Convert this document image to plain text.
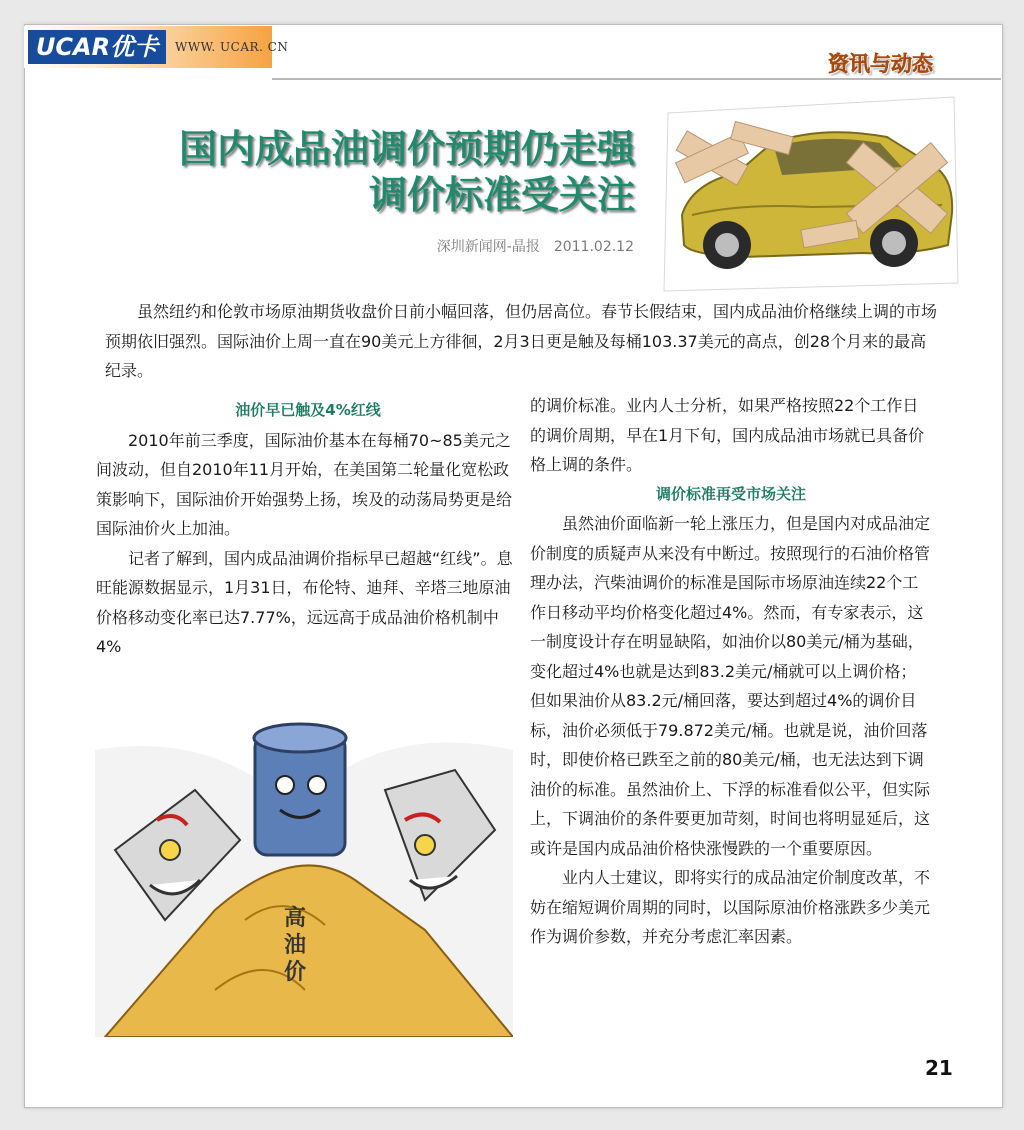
UCAR优卡	WWW. UCAR. CN
资讯与动态
国内成品油调价预期仍走强
调价标准受关注
深圳新闻网-晶报　2011.02.12

虽然纽约和伦敦市场原油期货收盘价日前小幅回落，但仍居高位。春节长假结束，国内成品油价格继续上调的市场预期依旧强烈。国际油价上周一直在90美元上方徘徊，2月3日更是触及每桶103.37美元的高点，创28个月来的最高纪录。

油价早已触及4%红线

2010年前三季度，国际油价基本在每桶70~85美元之间波动，但自2010年11月开始，在美国第二轮量化宽松政策影响下，国际油价开始强势上扬，埃及的动荡局势更是给国际油价火上加油。

记者了解到，国内成品油调价指标早已超越“红线”。息旺能源数据显示，1月31日，布伦特、迪拜、辛塔三地原油价格移动变化率已达7.77%，远远高于成品油价格机制中4%

高
油
价

的调价标准。业内人士分析，如果严格按照22个工作日的调价周期，早在1月下旬，国内成品油市场就已具备价格上调的条件。

调价标准再受市场关注

虽然油价面临新一轮上涨压力，但是国内对成品油定价制度的质疑声从来没有中断过。按照现行的石油价格管理办法，汽柴油调价的标准是国际市场原油连续22个工作日移动平均价格变化超过4%。然而，有专家表示，这一制度设计存在明显缺陷，如油价以80美元/桶为基础，变化超过4%也就是达到83.2美元/桶就可以上调价格；但如果油价从83.2元/桶回落，要达到超过4%的调价目标，油价必须低于79.872美元/桶。也就是说，油价回落时，即使价格已跌至之前的80美元/桶，也无法达到下调油价的标准。虽然油价上、下浮的标准看似公平，但实际上，下调油价的条件要更加苛刻，时间也将明显延后，这或许是国内成品油价格快涨慢跌的一个重要原因。

业内人士建议，即将实行的成品油定价制度改革，不妨在缩短调价周期的同时，以国际原油价格涨跌多少美元作为调价参数，并充分考虑汇率因素。

21
